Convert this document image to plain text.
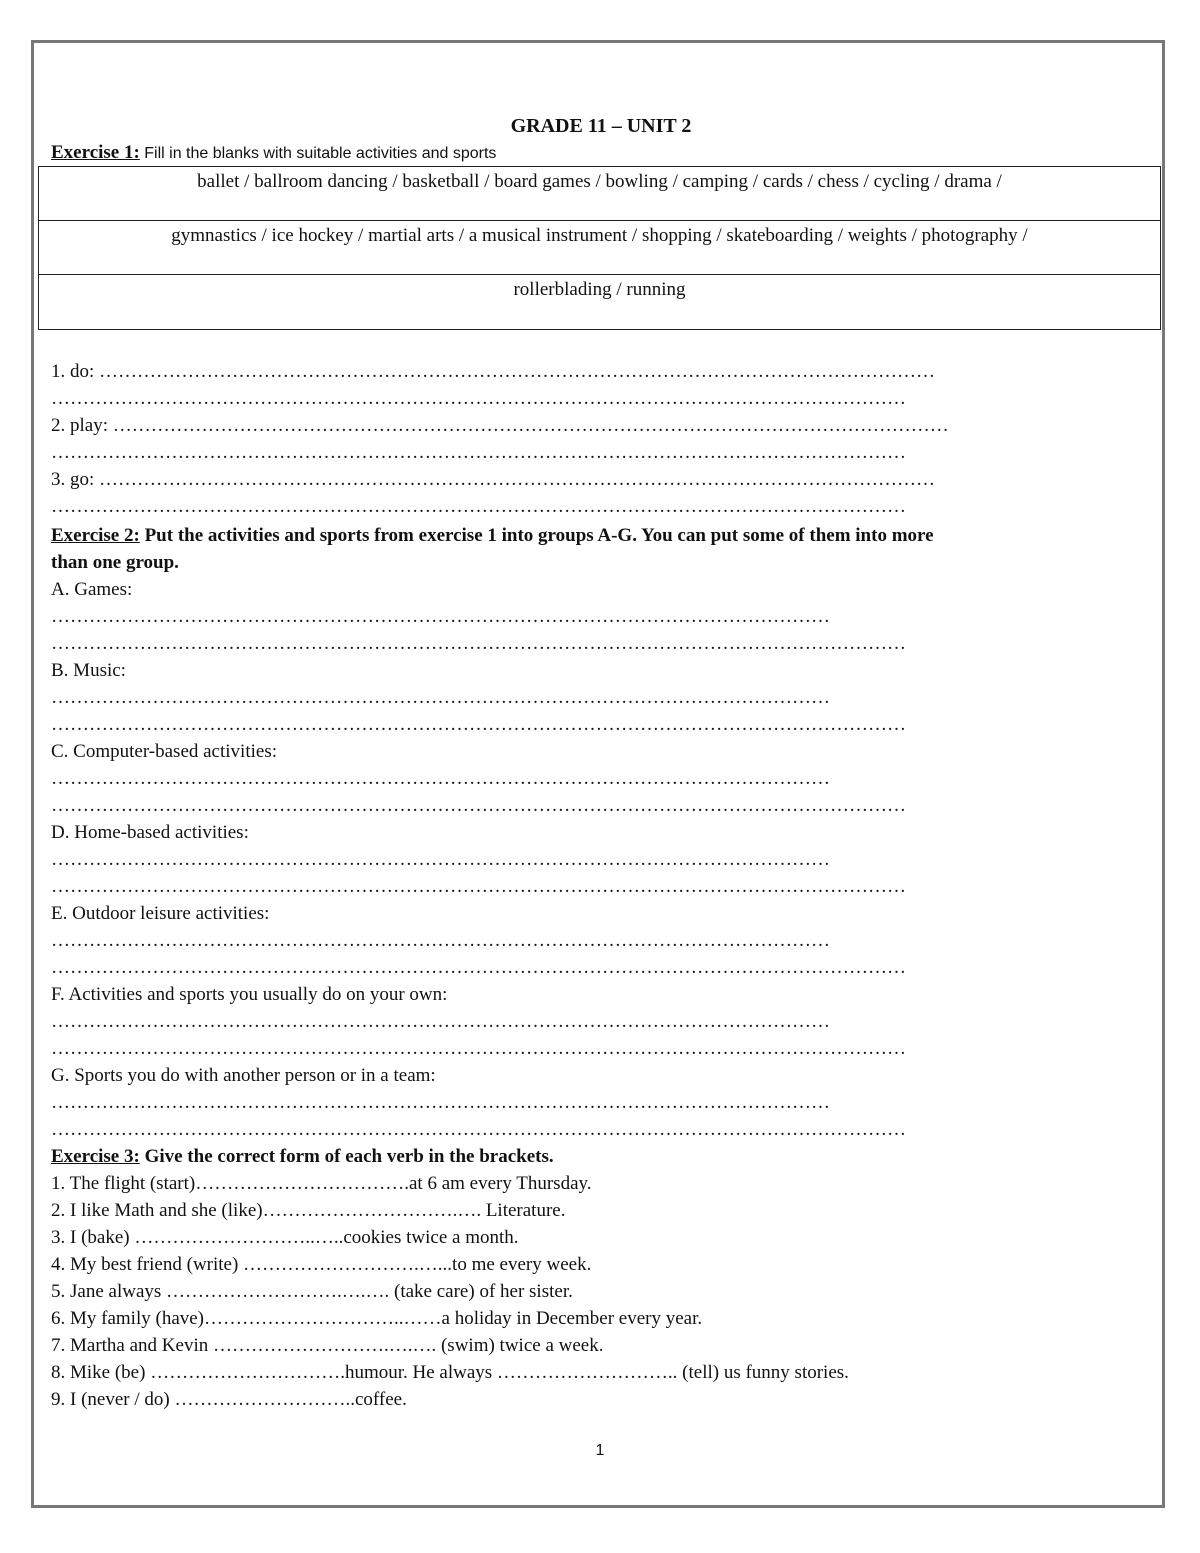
GRADE 11 – UNIT 2

Exercise 1: Fill in the blanks with suitable activities and sports

ballet / ballroom dancing / basketball / board games / bowling / camping / cards / chess / cycling / drama /
gymnastics / ice hockey / martial arts / a musical instrument / shopping / skateboarding / weights / photography /
rollerblading / running

1. do: ……………………………………………………………………………………………………………………

………………………………………………………………………………………………………………………

2. play: ……………………………………………………………………………………………………………………

………………………………………………………………………………………………………………………

3. go: ……………………………………………………………………………………………………………………

………………………………………………………………………………………………………………………

Exercise 2: Put the activities and sports from exercise 1 into groups A-G. You can put some of them into more
than one group.

A. Games:

……………………………………………………………………………………………………………

………………………………………………………………………………………………………………………

B. Music:

……………………………………………………………………………………………………………

………………………………………………………………………………………………………………………

C. Computer-based activities:

……………………………………………………………………………………………………………

………………………………………………………………………………………………………………………

D. Home-based activities:

……………………………………………………………………………………………………………

………………………………………………………………………………………………………………………

E. Outdoor leisure activities:

……………………………………………………………………………………………………………

………………………………………………………………………………………………………………………

F. Activities and sports you usually do on your own:

……………………………………………………………………………………………………………

………………………………………………………………………………………………………………………

G. Sports you do with another person or in a team:

……………………………………………………………………………………………………………

………………………………………………………………………………………………………………………

Exercise 3: Give the correct form of each verb in the brackets.

1. The flight (start)…………………………….at 6 am every Thursday.

2. I like Math and she (like)………………………….…. Literature.

3. I (bake) ………………………..…..cookies twice a month.

4. My best friend (write) ……………………….…...to me every week.

5. Jane always ……………………….….…. (take care) of her sister.

6. My family (have)…………………………..……a holiday in December every year.

7. Martha and Kevin ……………………….….…. (swim) twice a week.

8. Mike (be) ………………………….humour. He always ……………………….. (tell) us funny stories.

9. I (never / do) ………………………..coffee.

1
